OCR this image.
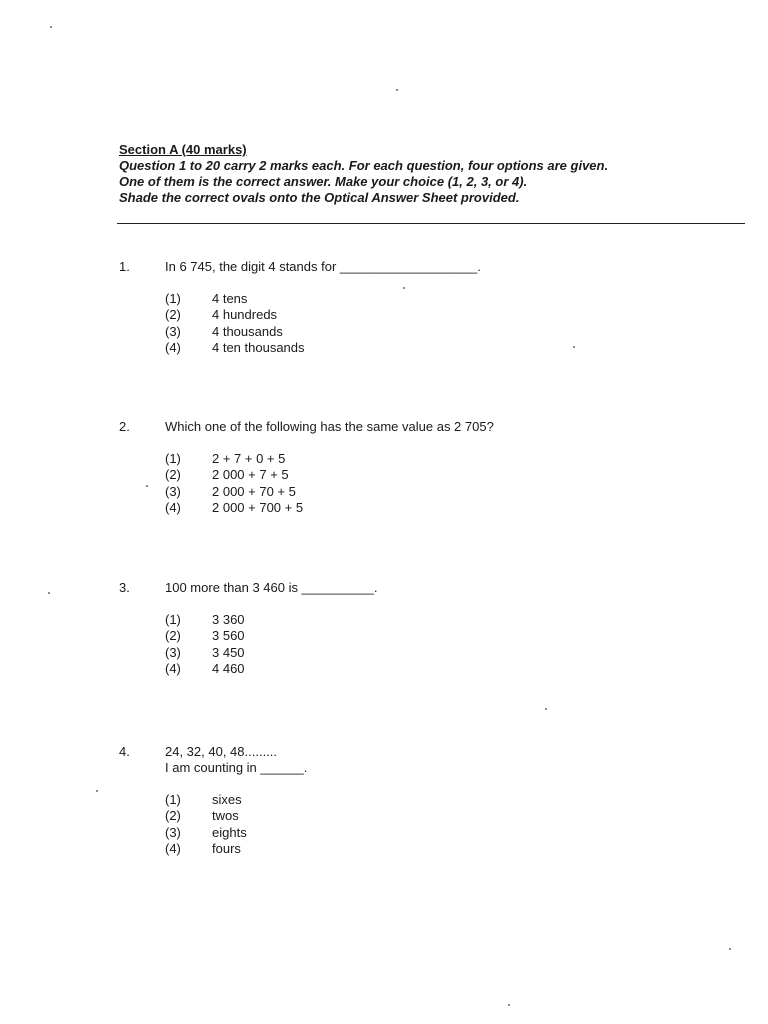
Section A (40 marks)

Question 1 to 20 carry 2 marks each. For each question, four options are given.

One of them is the correct answer. Make your choice (1, 2, 3, or 4).

Shade the correct ovals onto the Optical Answer Sheet provided.

1.	In 6 745, the digit 4 stands for ___________________.
(1)	4 tens
(2)	4 hundreds
(3)	4 thousands
(4)	4 ten thousands
2.	Which one of the following has the same value as 2 705?
(1)	2 + 7 + 0 + 5
(2)	2 000 + 7 + 5
(3)	2 000 + 70 + 5
(4)	2 000 + 700 + 5
3.	100 more than 3 460 is __________.
(1)	3 360
(2)	3 560
(3)	3 450
(4)	4 460
4.	24, 32, 40, 48.........
I am counting in ______.
(1)	sixes
(2)	twos
(3)	eights
(4)	fours
